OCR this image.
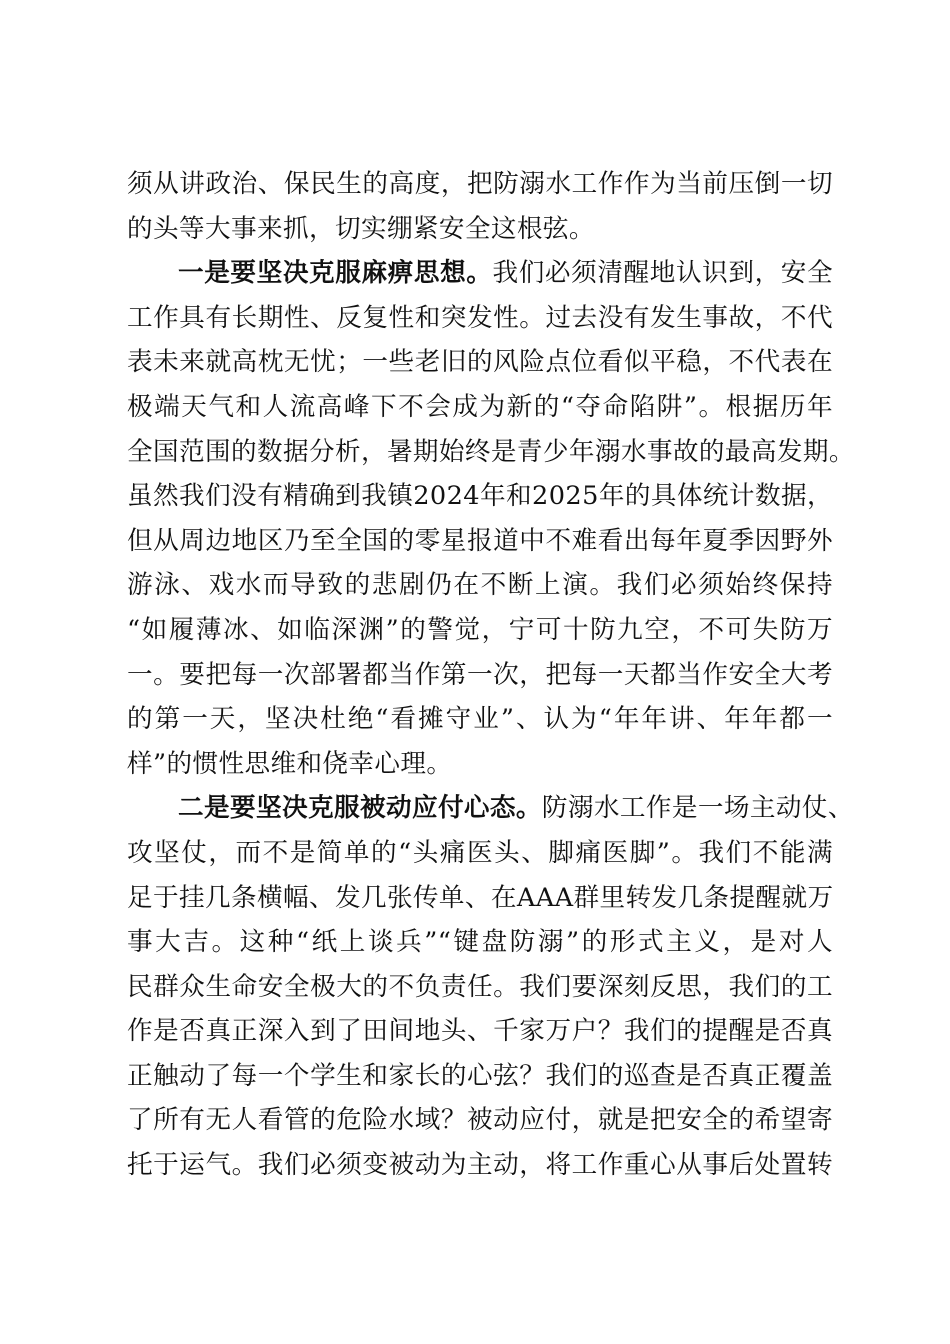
须从讲政治、保民生的高度，把防溺水工作作为当前压倒一切
的头等大事来抓，切实绷紧安全这根弦。
一是要坚决克服麻痹思想。我们必须清醒地认识到，安全
工作具有长期性、反复性和突发性。过去没有发生事故，不代
表未来就高枕无忧；一些老旧的风险点位看似平稳，不代表在
极端天气和人流高峰下不会成为新的“夺命陷阱”。根据历年
全国范围的数据分析，暑期始终是青少年溺水事故的最高发期。
虽然我们没有精确到我镇2024年和2025年的具体统计数据，
但从周边地区乃至全国的零星报道中不难看出每年夏季因野外
游泳、戏水而导致的悲剧仍在不断上演。我们必须始终保持
“如履薄冰、如临深渊”的警觉，宁可十防九空，不可失防万
一。要把每一次部署都当作第一次，把每一天都当作安全大考
的第一天，坚决杜绝“看摊守业”、认为“年年讲、年年都一
样”的惯性思维和侥幸心理。
二是要坚决克服被动应付心态。防溺水工作是一场主动仗、
攻坚仗，而不是简单的“头痛医头、脚痛医脚”。我们不能满
足于挂几条横幅、发几张传单、在AAA群里转发几条提醒就万
事大吉。这种“纸上谈兵”“键盘防溺”的形式主义，是对人
民群众生命安全极大的不负责任。我们要深刻反思，我们的工
作是否真正深入到了田间地头、千家万户？我们的提醒是否真
正触动了每一个学生和家长的心弦？我们的巡查是否真正覆盖
了所有无人看管的危险水域？被动应付，就是把安全的希望寄
托于运气。我们必须变被动为主动，将工作重心从事后处置转
